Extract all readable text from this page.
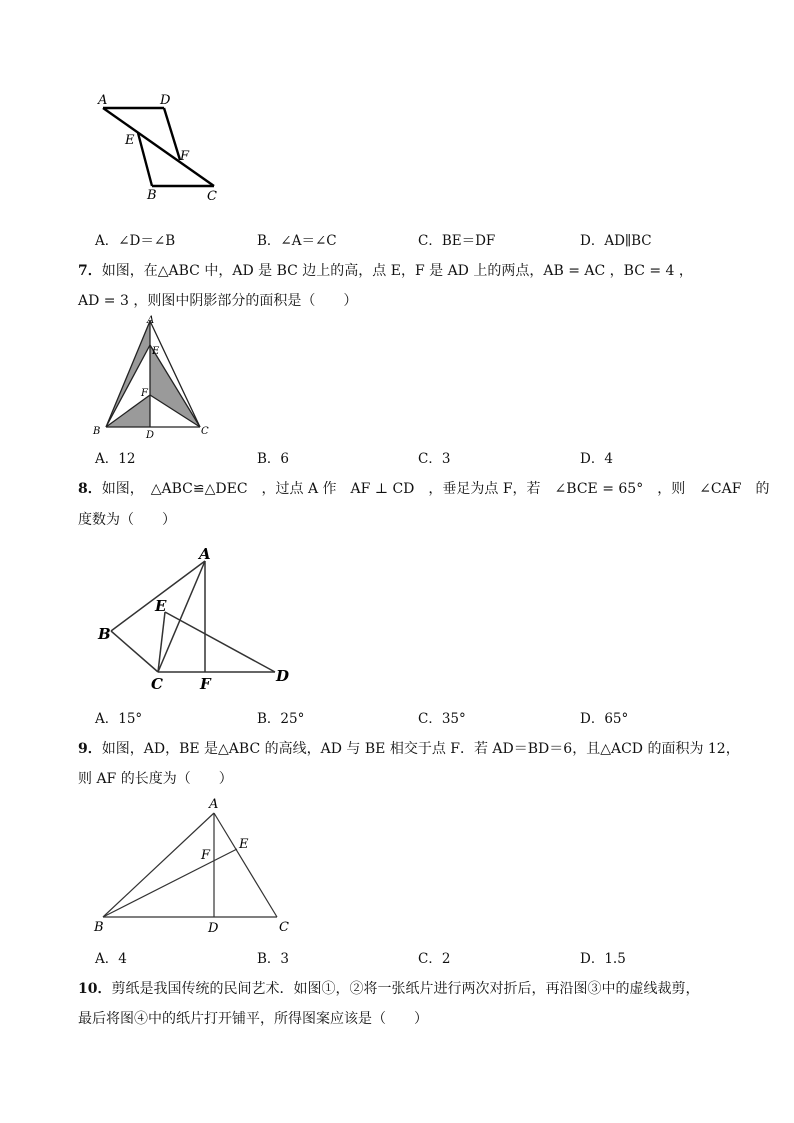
A	D
E
F
B	C
A．∠D＝∠B	B．∠A＝∠C	C．BE＝DF	D．AD∥BC
7．如图，在△ABC 中，AD 是 BC 边上的高，点 E，F 是 AD 上的两点，AB = AC ，BC = 4 ，
AD = 3 ，则图中阴影部分的面积是（　　）
A
E
F
B	D	C
A．12	B．6	C．3	D．4
8．如图，　△ABC≌△DEC　，过点 A 作　AF ⊥ CD　，垂足为点 F，若　∠BCE = 65°　，则　∠CAF　的
度数为（　　）
A
E
B
C F	D
A．15°	B．25°	C．35°	D．65°
9．如图，AD，BE 是△ABC 的高线，AD 与 BE 相交于点 F．若 AD＝BD＝6，且△ACD 的面积为 12，
则 AF 的长度为（　　）
A
F
E
B	D	C
A．4	B．3	C．2	D．1.5
10．剪纸是我国传统的民间艺术．如图①，②将一张纸片进行两次对折后，再沿图③中的虚线裁剪，
最后将图④中的纸片打开铺平，所得图案应该是（　　）
